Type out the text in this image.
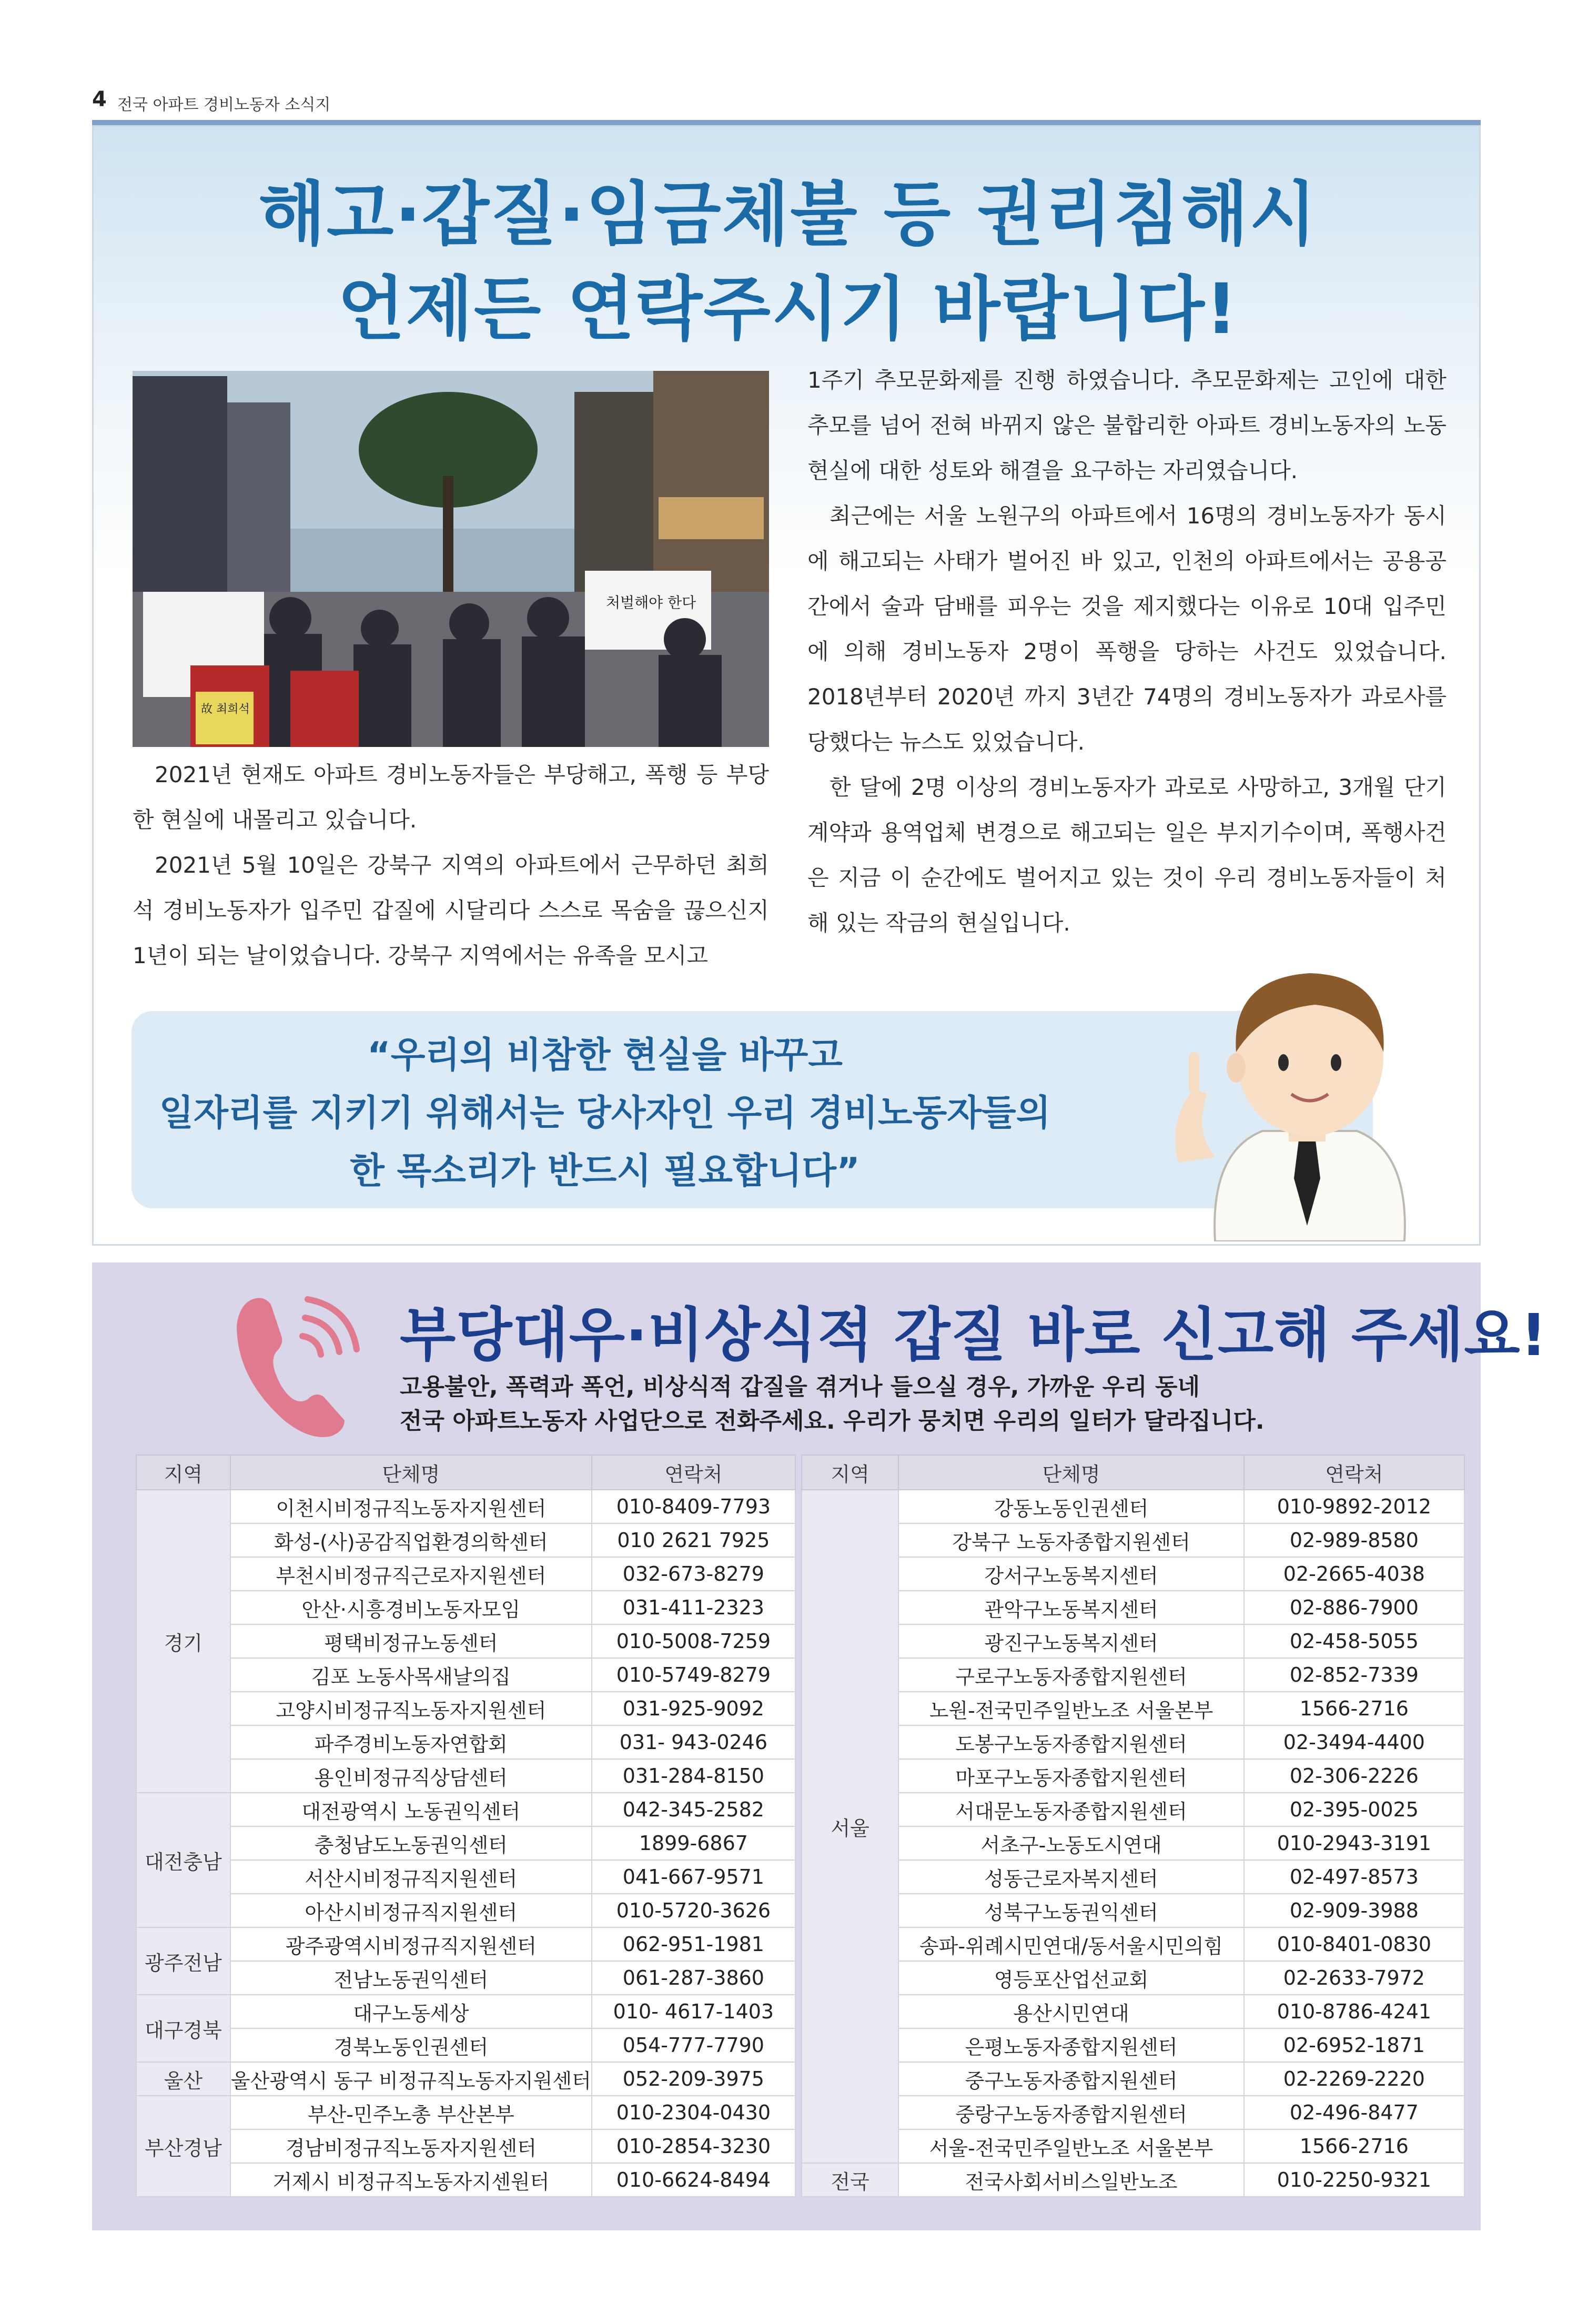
4 전국 아파트 경비노동자 소식지
해고·갑질·임금체불 등 권리침해시
언제든 연락주시기 바랍니다!
처벌해야 한다
故 최희석

2021년 현재도 아파트 경비노동자들은 부당해고, 폭행 등 부당한 현실에 내몰리고 있습니다.

2021년 5월 10일은 강북구 지역의 아파트에서 근무하던 최희석 경비노동자가 입주민 갑질에 시달리다 스스로 목숨을 끊으신지 1년이 되는 날이었습니다. 강북구 지역에서는 유족을 모시고

1주기 추모문화제를 진행 하였습니다. 추모문화제는 고인에 대한 추모를 넘어 전혀 바뀌지 않은 불합리한 아파트 경비노동자의 노동현실에 대한 성토와 해결을 요구하는 자리였습니다.

최근에는 서울 노원구의 아파트에서 16명의 경비노동자가 동시에 해고되는 사태가 벌어진 바 있고, 인천의 아파트에서는 공용공간에서 술과 담배를 피우는 것을 제지했다는 이유로 10대 입주민에 의해 경비노동자 2명이 폭행을 당하는 사건도 있었습니다. 2018년부터 2020년 까지 3년간 74명의 경비노동자가 과로사를 당했다는 뉴스도 있었습니다.

한 달에 2명 이상의 경비노동자가 과로로 사망하고, 3개월 단기계약과 용역업체 변경으로 해고되는 일은 부지기수이며, 폭행사건은 지금 이 순간에도 벌어지고 있는 것이 우리 경비노동자들이 처해 있는 작금의 현실입니다.

“우리의 비참한 현실을 바꾸고
일자리를 지키기 위해서는 당사자인 우리 경비노동자들의
한 목소리가 반드시 필요합니다”
부당대우·비상식적 갑질 바로 신고해 주세요!
고용불안, 폭력과 폭언, 비상식적 갑질을 겪거나 들으실 경우, 가까운 우리 동네
전국 아파트노동자 사업단으로 전화주세요. 우리가 뭉치면 우리의 일터가 달라집니다.
지역	단체명	연락처
경기	이천시비정규직노동자지원센터	010-8409-7793
	화성-(사)공감직업환경의학센터	010 2621 7925
	부천시비정규직근로자지원센터	032-673-8279
	안산·시흥경비노동자모임	031-411-2323
	평택비정규노동센터	010-5008-7259
	김포 노동사목새날의집	010-5749-8279
	고양시비정규직노동자지원센터	031-925-9092
	파주경비노동자연합회	031- 943-0246
	용인비정규직상담센터	031-284-8150
대전충남	대전광역시 노동권익센터	042-345-2582
	충청남도노동권익센터	1899-6867
	서산시비정규직지원센터	041-667-9571
	아산시비정규직지원센터	010-5720-3626
광주전남	광주광역시비정규직지원센터	062-951-1981
	전남노동권익센터	061-287-3860
대구경북	대구노동세상	010- 4617-1403
	경북노동인권센터	054-777-7790
울산	울산광역시 동구 비정규직노동자지원센터	052-209-3975
부산경남	부산-민주노총 부산본부	010-2304-0430
	경남비정규직노동자지원센터	010-2854-3230
	거제시 비정규직노동자지센원터	010-6624-8494
지역	단체명	연락처
서울	강동노동인권센터	010-9892-2012
	강북구 노동자종합지원센터	02-989-8580
	강서구노동복지센터	02-2665-4038
	관악구노동복지센터	02-886-7900
	광진구노동복지센터	02-458-5055
	구로구노동자종합지원센터	02-852-7339
	노원-전국민주일반노조 서울본부	1566-2716
	도봉구노동자종합지원센터	02-3494-4400
	마포구노동자종합지원센터	02-306-2226
	서대문노동자종합지원센터	02-395-0025
	서초구-노동도시연대	010-2943-3191
	성동근로자복지센터	02-497-8573
	성북구노동권익센터	02-909-3988
	송파-위례시민연대/동서울시민의힘	010-8401-0830
	영등포산업선교회	02-2633-7972
	용산시민연대	010-8786-4241
	은평노동자종합지원센터	02-6952-1871
	중구노동자종합지원센터	02-2269-2220
	중랑구노동자종합지원센터	02-496-8477
	서울-전국민주일반노조 서울본부	1566-2716
전국	전국사회서비스일반노조	010-2250-9321
